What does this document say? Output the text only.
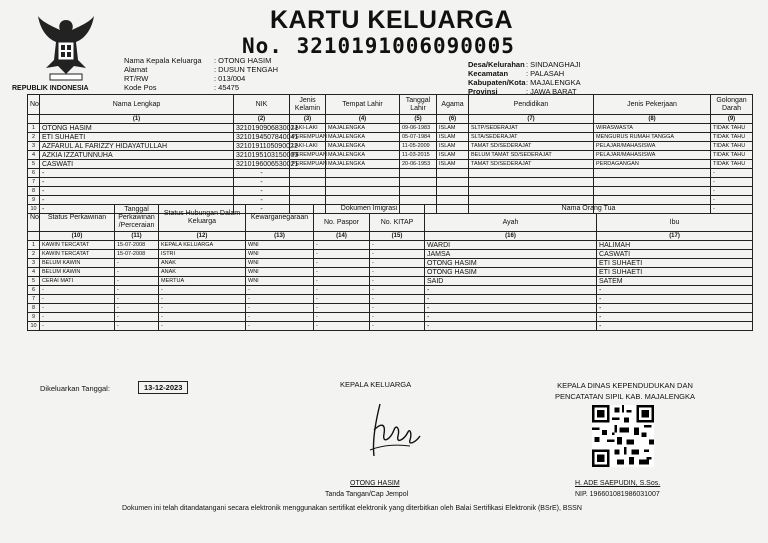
REPUBLIK INDONESIA
KARTU KELUARGA
No. 3210191006090005
Nama Kepala Keluarga	: OTONG HASIM
Alamat	: DUSUN TENGAH
RT/RW	: 013/004
Kode Pos	: 45475
Desa/Kelurahan : SINDANGHAJI
Kecamatan	: PALASAH
Kabupaten/Kota : MAJALENGKA
Provinsi	: JAWA BARAT
No	Nama Lengkap	NIK	Jenis Kelamin	Tempat Lahir	Tanggal Lahir	Agama	Pendidikan	Jenis Pekerjaan	Golongan Darah
	(1)	(2)	(3)	(4)	(5)	(6)	(7)	(8)	(9)
1	OTONG HASIM	3210190906830021	LAKI-LAKI	MAJALENGKA	09-06-1983	ISLAM	SLTP/SEDERAJAT	WIRASWASTA	TIDAK TAHU
2	ETI SUHAETI	3210194507840041	PEREMPUAN	MAJALENGKA	05-07-1984	ISLAM	SLTA/SEDERAJAT	MENGURUS RUMAH TANGGA	TIDAK TAHU
3	AZFARUL AL FARIZZY HIDAYATULLAH	3210191105090021	LAKI-LAKI	MAJALENGKA	11-05-2009	ISLAM	TAMAT SD/SEDERAJAT	PELAJAR/MAHASISWA	TIDAK TAHU
4	AZKIA IZZATUNNUHA	3210195103150003	PEREMPUAN	MAJALENGKA	11-03-2015	ISLAM	BELUM TAMAT SD/SEDERAJAT	PELAJAR/MAHASISWA	TIDAK TAHU
5	CASWATI	3210196006530021	PEREMPUAN	MAJALENGKA	20-06-1953	ISLAM	TAMAT SD/SEDERAJAT	PERDAGANGAN	TIDAK TAHU
6	-	-							-
7	-	-							-
8	-	-							-
9	-	-							-
10	-	-							-
No	Status Perkawinan	Tanggal Perkawinan /Perceraian	Status Hubungan Dalam Keluarga	Kewarganegaraan	Dokumen Imigrasi		Nama Orang Tua	
					No. Paspor	No. KITAP	Ayah	Ibu
	(10)	(11)	(12)	(13)	(14)	(15)	(16)	(17)
1	KAWIN TERCATAT	15-07-2008	KEPALA KELUARGA	WNI	-	-	WARDI	HALIMAH
2	KAWIN TERCATAT	15-07-2008	ISTRI	WNI	-	-	JAMSA	CASWATI
3	BELUM KAWIN	-	ANAK	WNI	-	-	OTONG HASIM	ETI SUHAETI
4	BELUM KAWIN	-	ANAK	WNI	-	-	OTONG HASIM	ETI SUHAETI
5	CERAI MATI	-	MERTUA	WNI	-	-	SAID	SATEM
6	-	-	-	-	-	-	-	-
7	-	-	-	-	-	-	-	-
8	-	-	-	-	-	-	-	-
9	-	-	-	-	-	-	-	-
10	-	-	-	-	-	-	-	-
Dikeluarkan Tanggal:	13-12-2023	KEPALA KELUARGA	KEPALA DINAS KEPENDUDUKAN DAN PENCATATAN SIPIL KAB. MAJALENGKA
OTONG HASIM
Tanda Tangan/Cap Jempol
H. ADE SAEPUDIN, S.Sos.
NIP. 196601081986031007
Dokumen ini telah ditandatangani secara elektronik menggunakan sertifikat elektronik yang diterbitkan oleh Balai Sertifikasi Elektronik (BSrE), BSSN
